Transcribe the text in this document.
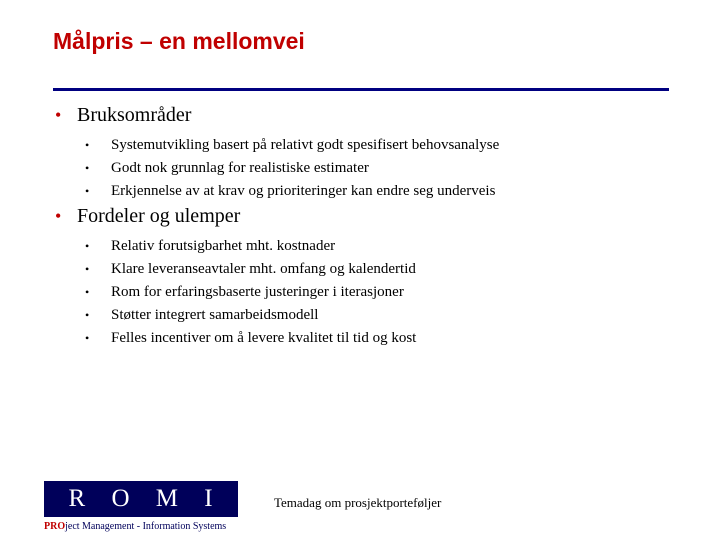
Målpris – en mellomvei
• Bruksområder
•	Systemutvikling basert på relativt godt spesifisert behovsanalyse
•	Godt nok grunnlag for realistiske estimater
•	Erkjennelse av at krav og prioriteringer kan endre seg underveis
• Fordeler og ulemper
•	Relativ forutsigbarhet mht. kostnader
•	Klare leveranseavtaler mht. omfang og kalendertid
•	Rom for erfaringsbaserte justeringer i iterasjoner
•	Støtter integrert samarbeidsmodell
•	Felles incentiver om å levere kvalitet til tid og kost
P R O M I S
PROject Management - Information Systems
Temadag om prosjektporteføljer
